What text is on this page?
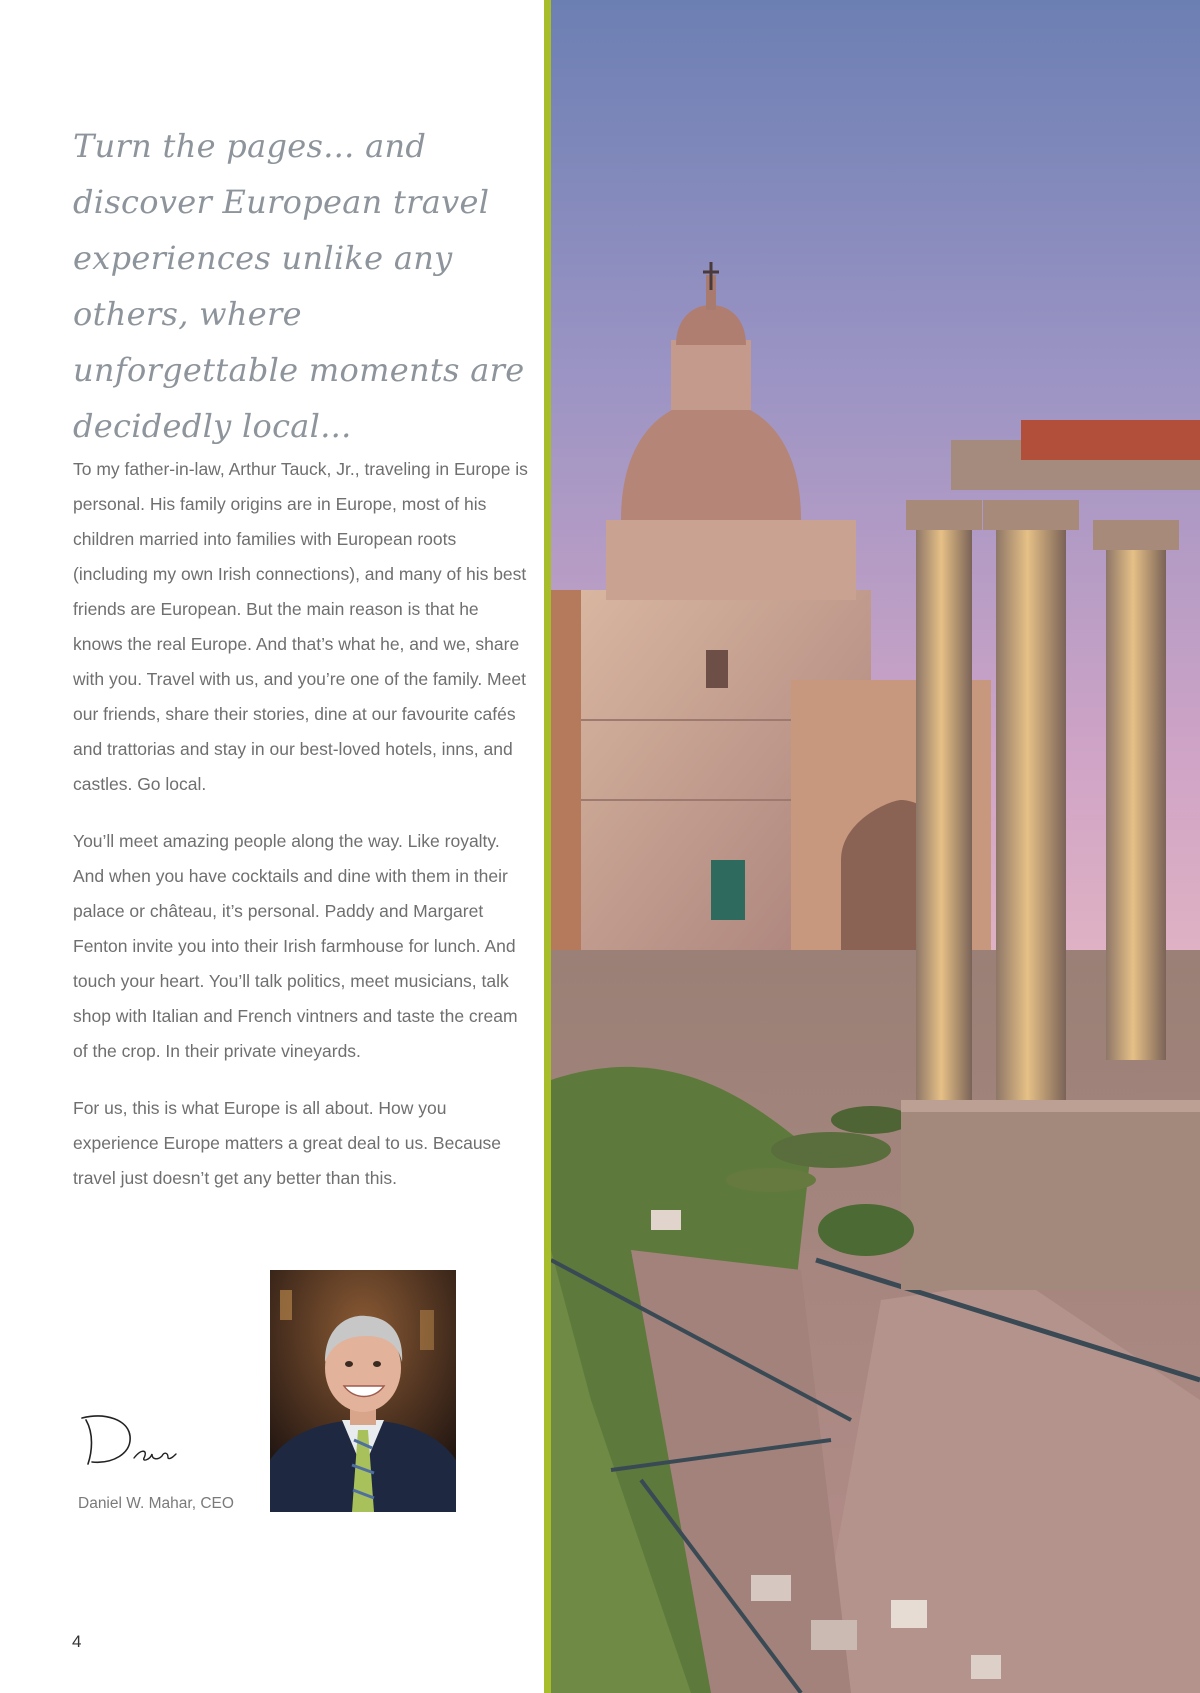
Turn the pages... and discover European travel experiences unlike any others, where unforgettable moments are decidedly local...

To my father-in-law, Arthur Tauck, Jr., traveling in Europe is personal. His family origins are in Europe, most of his children married into families with European roots (including my own Irish connections), and many of his best friends are European. But the main reason is that he knows the real Europe. And that’s what he, and we, share with you. Travel with us, and you’re one of the family. Meet our friends, share their stories, dine at our favourite cafés and trattorias and stay in our best-loved hotels, inns, and castles. Go local.

You’ll meet amazing people along the way. Like royalty. And when you have cocktails and dine with them in their palace or château, it’s personal. Paddy and Margaret Fenton invite you into their Irish farmhouse for lunch. And touch your heart. You’ll talk politics, meet musicians, talk shop with Italian and French vintners and taste the cream of the crop. In their private vineyards.

For us, this is what Europe is all about. How you experience Europe matters a great deal to us. Because travel just doesn’t get any better than this.

Daniel W. Mahar, CEO
4
